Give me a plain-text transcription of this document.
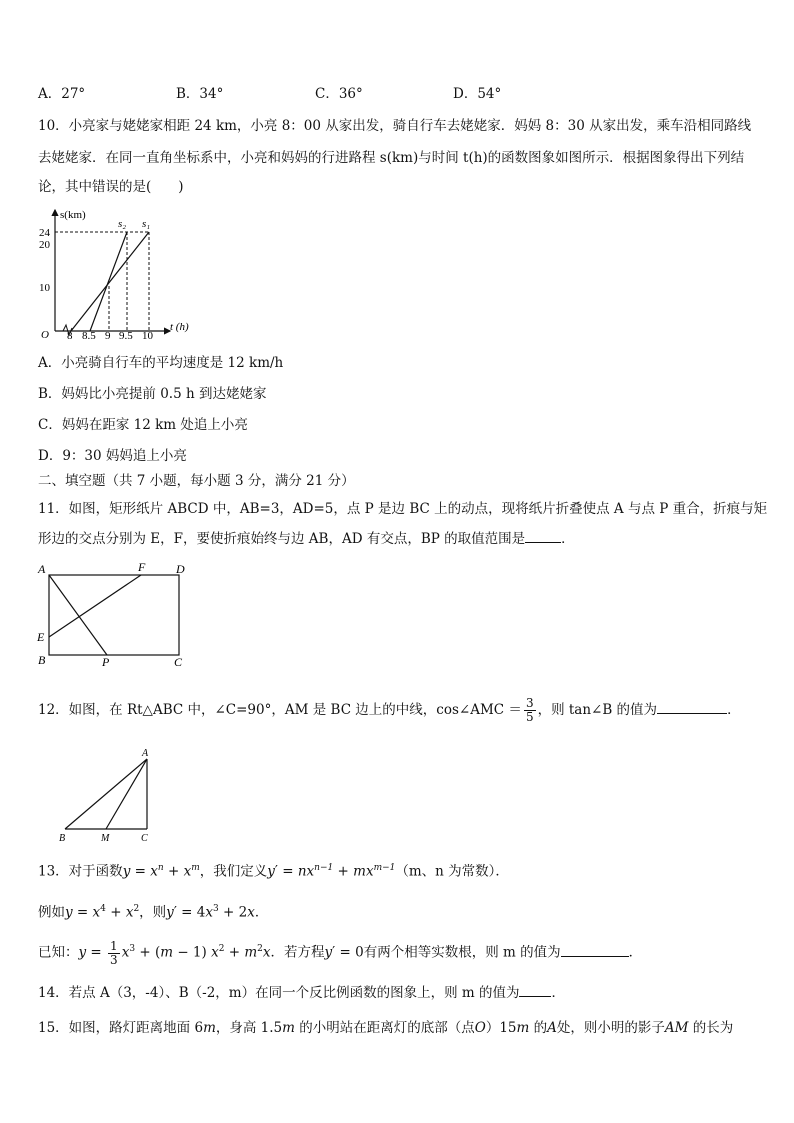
A．27°	B．34°	C．36°	D．54°
10．小亮家与姥姥家相距 24 km，小亮 8：00 从家出发，骑自行车去姥姥家．妈妈 8：30 从家出发，乘车沿相同路线
去姥姥家．在同一直角坐标系中，小亮和妈妈的行进路程 s(km)与时间 t(h)的函数图象如图所示．根据图象得出下列结
论，其中错误的是(　　)
s(km)
t (h)
O
24
20
10
8 8.5 9 9.5 10
s₂ s₁
A．小亮骑自行车的平均速度是 12 km/h
B．妈妈比小亮提前 0.5 h 到达姥姥家
C．妈妈在距家 12 km 处追上小亮
D．9：30 妈妈追上小亮
二、填空题（共 7 小题，每小题 3 分，满分 21 分）
11．如图，矩形纸片 ABCD 中，AB=3，AD=5，点 P 是边 BC 上的动点，现将纸片折叠使点 A 与点 P 重合，折痕与矩
形边的交点分别为 E，F，要使折痕始终与边 AB，AD 有交点，BP 的取值范围是	．
A	F	D
E
B	P	C
12．如图，在 Rt△ABC 中，∠C=90°，AM 是 BC 边上的中线，cos∠AMC ＝ $\frac{3}{5}$ ，则 tan∠B 的值为	．
A
B	M	C
13．对于函数$y = x^n + x^m$，我们定义$y' = nx^{n-1} + mx^{m-1}(m$、n 为常数）．
例如$y = x^4 + x^2$，则$y' = 4x^3 + 2x$．
已知：$y = \frac{1}{3} x^3 + (m - 1) x^2 + m^2x$．若方程y′ = 0有两个相等实数根，则 m 的值为	．
14．若点 A（3，-4）、B（-2，m）在同一个反比例函数的图象上，则 m 的值为 ．
15．如图，路灯距离地面 6m，身高 1.5m 的小明站在距离灯的底部（点O）15m 的A处，则小明的影子AM 的长为
